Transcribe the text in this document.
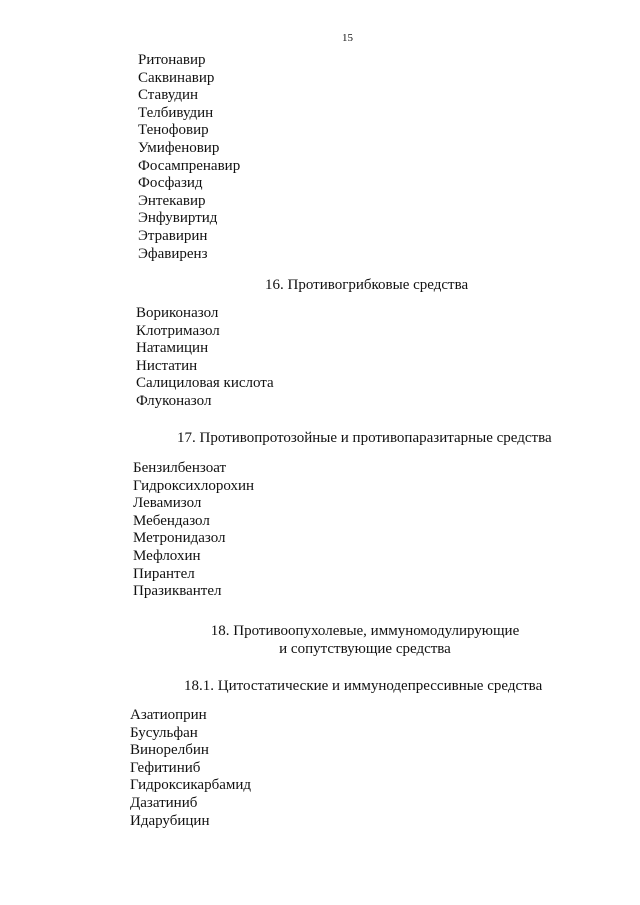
15
Ритонавир
Саквинавир
Ставудин
Телбивудин
Тенофовир
Умифеновир
Фосампренавир
Фосфазид
Энтекавир
Энфувиртид
Этравирин
Эфавиренз
16. Противогрибковые средства
Вориконазол
Клотримазол
Натамицин
Нистатин
Салициловая кислота
Флуконазол
17. Противопротозойные и противопаразитарные средства
Бензилбензоат
Гидроксихлорохин
Левамизол
Мебендазол
Метронидазол
Мефлохин
Пирантел
Празиквантел
18. Противоопухолевые, иммуномодулирующие
и сопутствующие средства
18.1. Цитостатические и иммунодепрессивные средства
Азатиоприн
Бусульфан
Винорелбин
Гефитиниб
Гидроксикарбамид
Дазатиниб
Идарубицин
